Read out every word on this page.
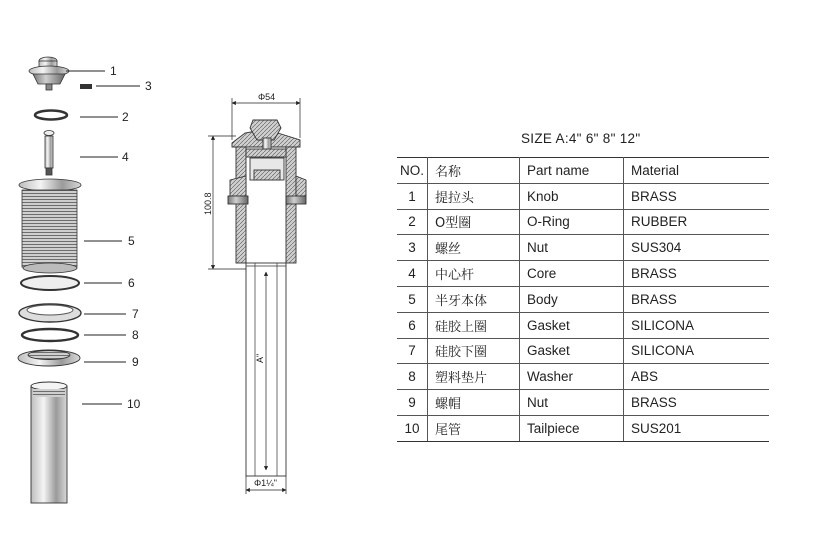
1
3
2
4
5
6
7
8
9
10
Φ54
100.8
A"
Φ1¼"
SIZE A:4" 6" 8" 12"
NO.	名称	Part name	Material
1	提拉头	Knob	BRASS
2	O型圈	O-Ring	RUBBER
3	螺丝	Nut	SUS304
4	中心杆	Core	BRASS
5	半牙本体	Body	BRASS
6	硅胶上圈	Gasket	SILICONA
7	硅胶下圈	Gasket	SILICONA
8	塑料垫片	Washer	ABS
9	螺帽	Nut	BRASS
10	尾管	Tailpiece	SUS201
